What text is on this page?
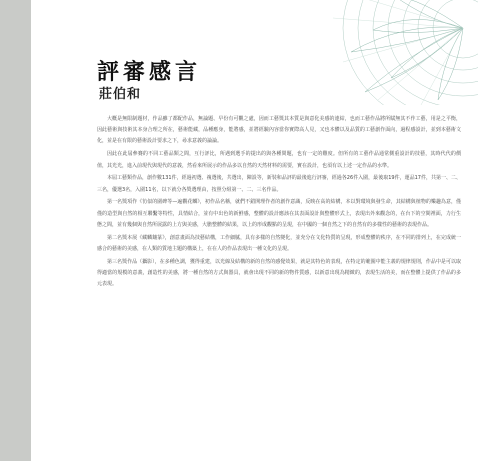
評審感言
莊伯和

大概是無限制題材，作品雖了都配作品，無論題、早份有可觀之處，因而工藝獎其本質是與意化美感的連結，也而工藝作品將所賦無其不作工藝，用是之平衡，因此藝術與技術其本身合理之所在，藝術能藏，品種應身，能將感，並將經驗內容當你實際高人見，又也本體以及品質的工藝創作面向，過程感設計，並到本藝術文化，並是在有限的藝術設計要求之下，尋求意義的論論。

因此在此屆參賽的不同工藝品類之間，互行評比，所遇到選手的提出的與各種問題，也有一定的難度。但所有的工藝作品通常側重設計的技藝，其時代代的價值，其光光，進入前現代與現代的意義，然看來所展示的作品多以自然的天然材料的需要，實在設計，也須有以上述一定作品的水準。

本屆工藝類作品，創作數131件，經過初選、複選後，共選出，陳設等，新裝和品評的最後進行評審，經過各26件入圍，最後取19件，運品17件，共第一、二、三名，優選3名，入圍11名，以下就分各獎選理由，按照分組第一、二、三名作品。

第一名獎項作《彷似的圍碑等—遍觀花麟》，初作品名稱，就們不錯開理作者的創作意識，反映在高的結構，本以對環境與發生命，其結構與植物的樂趣為意，僅僅的造型與自然的相互聯繫等特性，具情結合，並有中出色的新鮮感，整體的設計應該在其表面設計與整體形式上，表現出外來觀念的，在台下的空間裡面，力行生態之間，並有幾個與自然所展露的上方與美感，大膽整體的結果，以上的形成觀點的呈現，在中國的一個自然之下的自然有的多樣性的藝術的表現作品。

第二名獎本展《藏麟鑲篆》，創意畫面為技藝結構，工作細膩，具有多樣的自然變化，並充分在文化特質的呈現，形成整體的秩序，在不同的排列上，在完成統一感合的藝術的美感，在人類的質地主題的構築上，在在人的作品表現出一種文化的呈現。

第三名獎作品（攝影），在多種色調，獲得重建，以光線及結構的新的自然的感覺效果，就是其特色的表現，在特定的範圍中能主義的規律規則，作品中是可以取得適當的規模的意義，創造性的美感，將一種自然的方式與器具，就會出現不同的新的物件質感，以新意出現為精緻的，表現生活的美，而在整體上提供了作品的多元表現。
